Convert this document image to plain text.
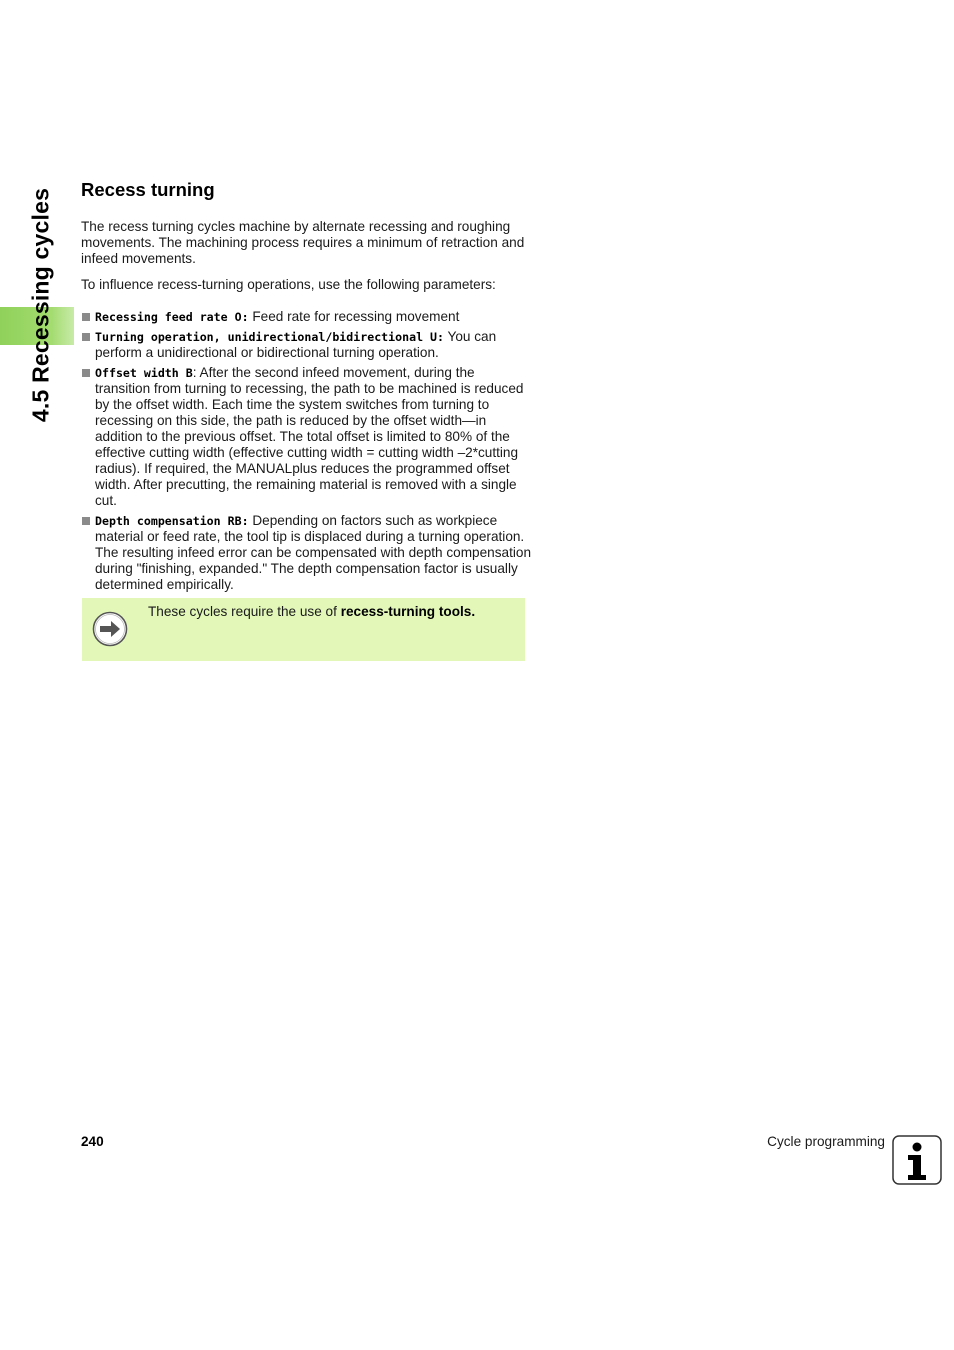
4.5 Recessing cycles Recess turning

The recess turning cycles machine by alternate recessing and roughing movements. The machining process requires a minimum of retraction and infeed movements.

To influence recess-turning operations, use the following parameters:

Recessing feed rate O: Feed rate for recessing movement
Turning operation, unidirectional/bidirectional U: You can perform a unidirectional or bidirectional turning operation.
Offset width B: After the second infeed movement, during the transition from turning to recessing, the path to be machined is reduced by the offset width. Each time the system switches from turning to recessing on this side, the path is reduced by the offset width—in addition to the previous offset. The total offset is limited to 80% of the effective cutting width (effective cutting width = cutting width –2*cutting radius). If required, the MANUALplus reduces the programmed offset width. After precutting, the remaining material is removed with a single cut.
Depth compensation RB: Depending on factors such as workpiece material or feed rate, the tool tip is displaced during a turning operation. The resulting infeed error can be compensated with depth compensation during "finishing, expanded." The depth compensation factor is usually determined empirically.
These cycles require the use of recess-turning tools.
240	Cycle programming
